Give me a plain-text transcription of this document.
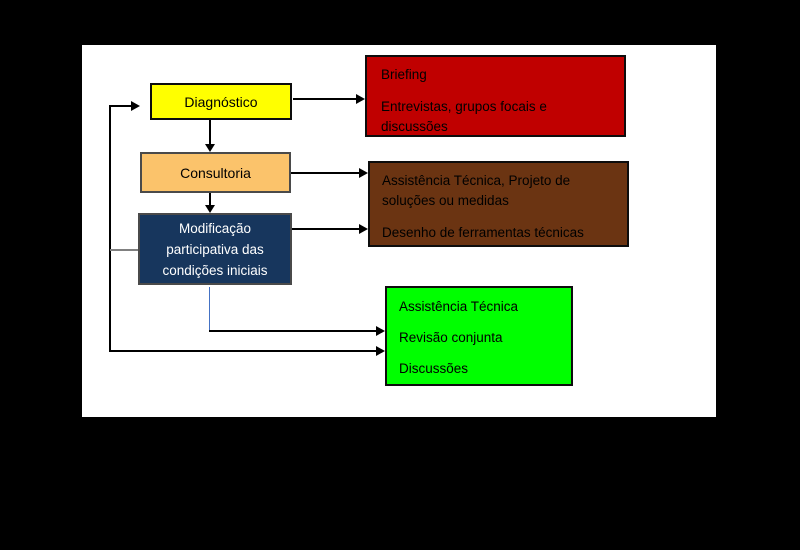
Diagnóstico
Consultoria
Modificação
participativa das
condições iniciais

Briefing

Entrevistas, grupos focais e discussões

Assistência Técnica, Projeto de soluções ou medidas

Desenho de ferramentas técnicas

Assistência Técnica

Revisão conjunta

Discussões
